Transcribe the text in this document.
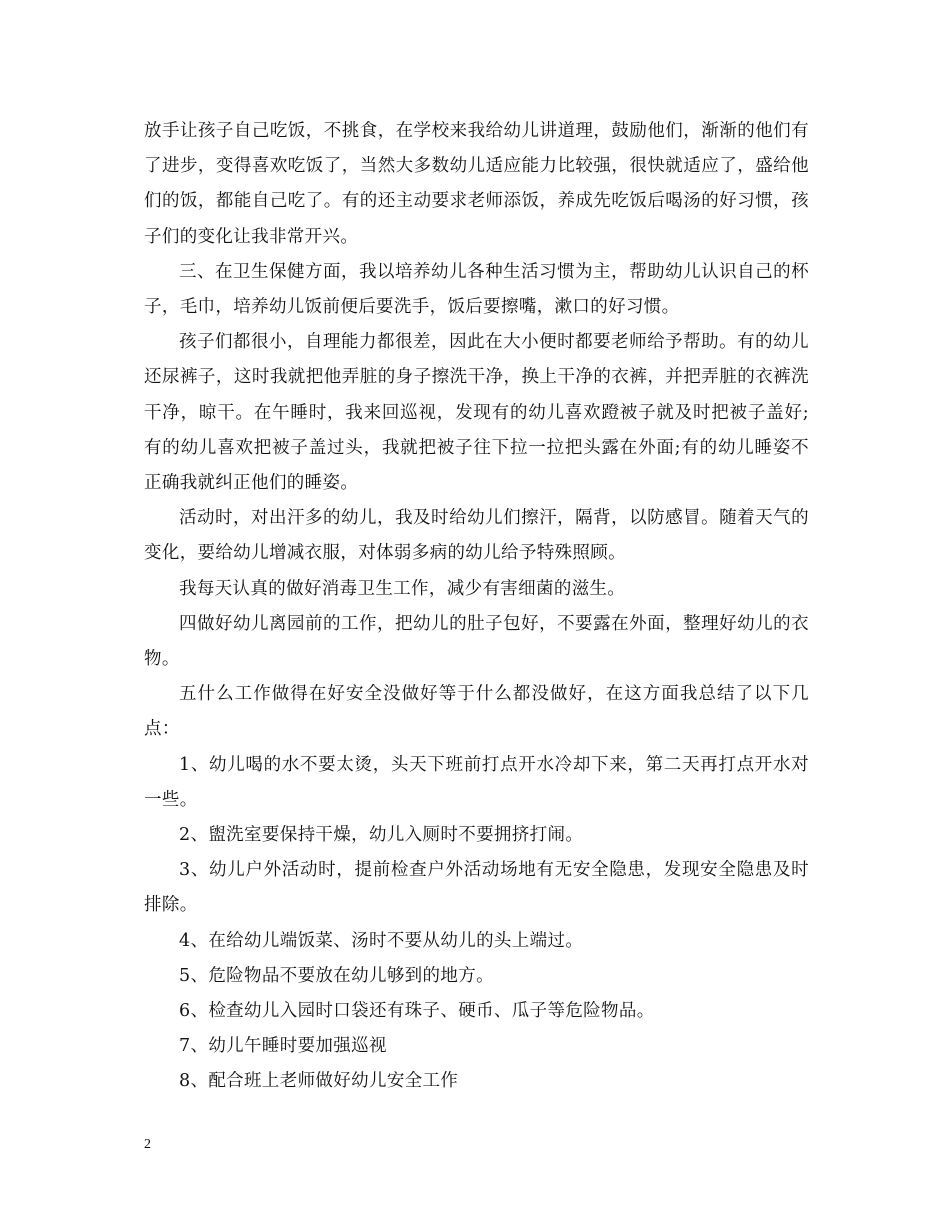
放手让孩子自己吃饭，不挑食，在学校来我给幼儿讲道理，鼓励他们，渐渐的他们有了进步，变得喜欢吃饭了，当然大多数幼儿适应能力比较强，很快就适应了，盛给他们的饭，都能自己吃了。有的还主动要求老师添饭，养成先吃饭后喝汤的好习惯，孩子们的变化让我非常开兴。

三、在卫生保健方面，我以培养幼儿各种生活习惯为主，帮助幼儿认识自己的杯子，毛巾，培养幼儿饭前便后要洗手，饭后要擦嘴，漱口的好习惯。

孩子们都很小，自理能力都很差，因此在大小便时都要老师给予帮助。有的幼儿还尿裤子，这时我就把他弄脏的身子擦洗干净，换上干净的衣裤，并把弄脏的衣裤洗干净，晾干。在午睡时，我来回巡视，发现有的幼儿喜欢蹬被子就及时把被子盖好;有的幼儿喜欢把被子盖过头，我就把被子往下拉一拉把头露在外面;有的幼儿睡姿不正确我就纠正他们的睡姿。

活动时，对出汗多的幼儿，我及时给幼儿们擦汗，隔背，以防感冒。随着天气的变化，要给幼儿增减衣服，对体弱多病的幼儿给予特殊照顾。

我每天认真的做好消毒卫生工作，减少有害细菌的滋生。

四做好幼儿离园前的工作，把幼儿的肚子包好，不要露在外面，整理好幼儿的衣物。

五什么工作做得在好安全没做好等于什么都没做好，在这方面我总结了以下几点：

1、幼儿喝的水不要太烫，头天下班前打点开水冷却下来，第二天再打点开水对一些。

2、盥洗室要保持干燥，幼儿入厕时不要拥挤打闹。

3、幼儿户外活动时，提前检查户外活动场地有无安全隐患，发现安全隐患及时排除。

4、在给幼儿端饭菜、汤时不要从幼儿的头上端过。

5、危险物品不要放在幼儿够到的地方。

6、检查幼儿入园时口袋还有珠子、硬币、瓜子等危险物品。

7、幼儿午睡时要加强巡视

8、配合班上老师做好幼儿安全工作

2
